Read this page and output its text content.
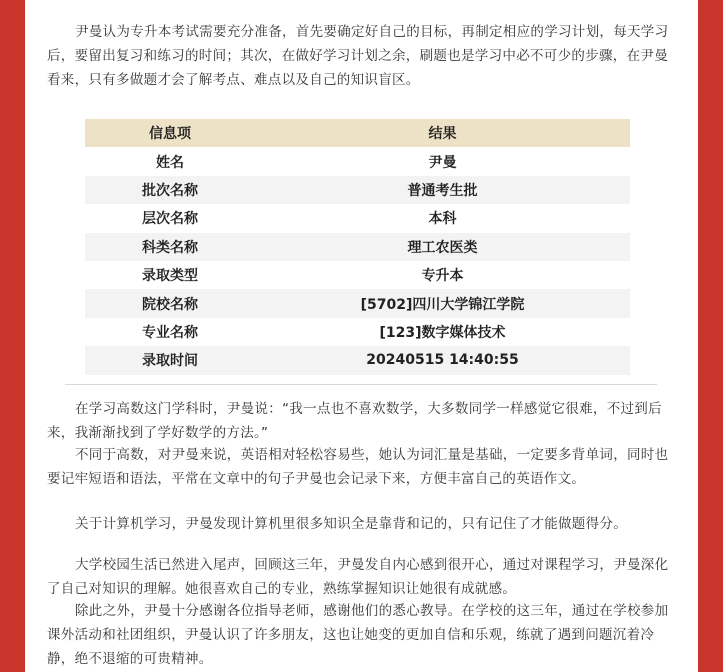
尹曼认为专升本考试需要充分准备，首先要确定好自己的目标，再制定相应的学习计划，每天学习后，要留出复习和练习的时间；其次，在做好学习计划之余，刷题也是学习中必不可少的步骤，在尹曼看来，只有多做题才会了解考点、难点以及自己的知识盲区。

信息项	结果
姓名	尹曼
批次名称	普通考生批
层次名称	本科
科类名称	理工农医类
录取类型	专升本
院校名称	[5702]四川大学锦江学院
专业名称	[123]数字媒体技术
录取时间	20240515 14:40:55

在学习高数这门学科时，尹曼说：“我一点也不喜欢数学，大多数同学一样感觉它很难，不过到后来，我渐渐找到了学好数学的方法。”

不同于高数，对尹曼来说，英语相对轻松容易些，她认为词汇量是基础，一定要多背单词，同时也要记牢短语和语法，平常在文章中的句子尹曼也会记录下来，方便丰富自己的英语作文。

关于计算机学习，尹曼发现计算机里很多知识全是靠背和记的，只有记住了才能做题得分。

大学校园生活已然进入尾声，回顾这三年，尹曼发自内心感到很开心，通过对课程学习，尹曼深化了自己对知识的理解。她很喜欢自己的专业，熟练掌握知识让她很有成就感。

除此之外，尹曼十分感谢各位指导老师，感谢他们的悉心教导。在学校的这三年，通过在学校参加课外活动和社团组织，尹曼认识了许多朋友，这也让她变的更加自信和乐观，练就了遇到问题沉着冷静，绝不退缩的可贵精神。
